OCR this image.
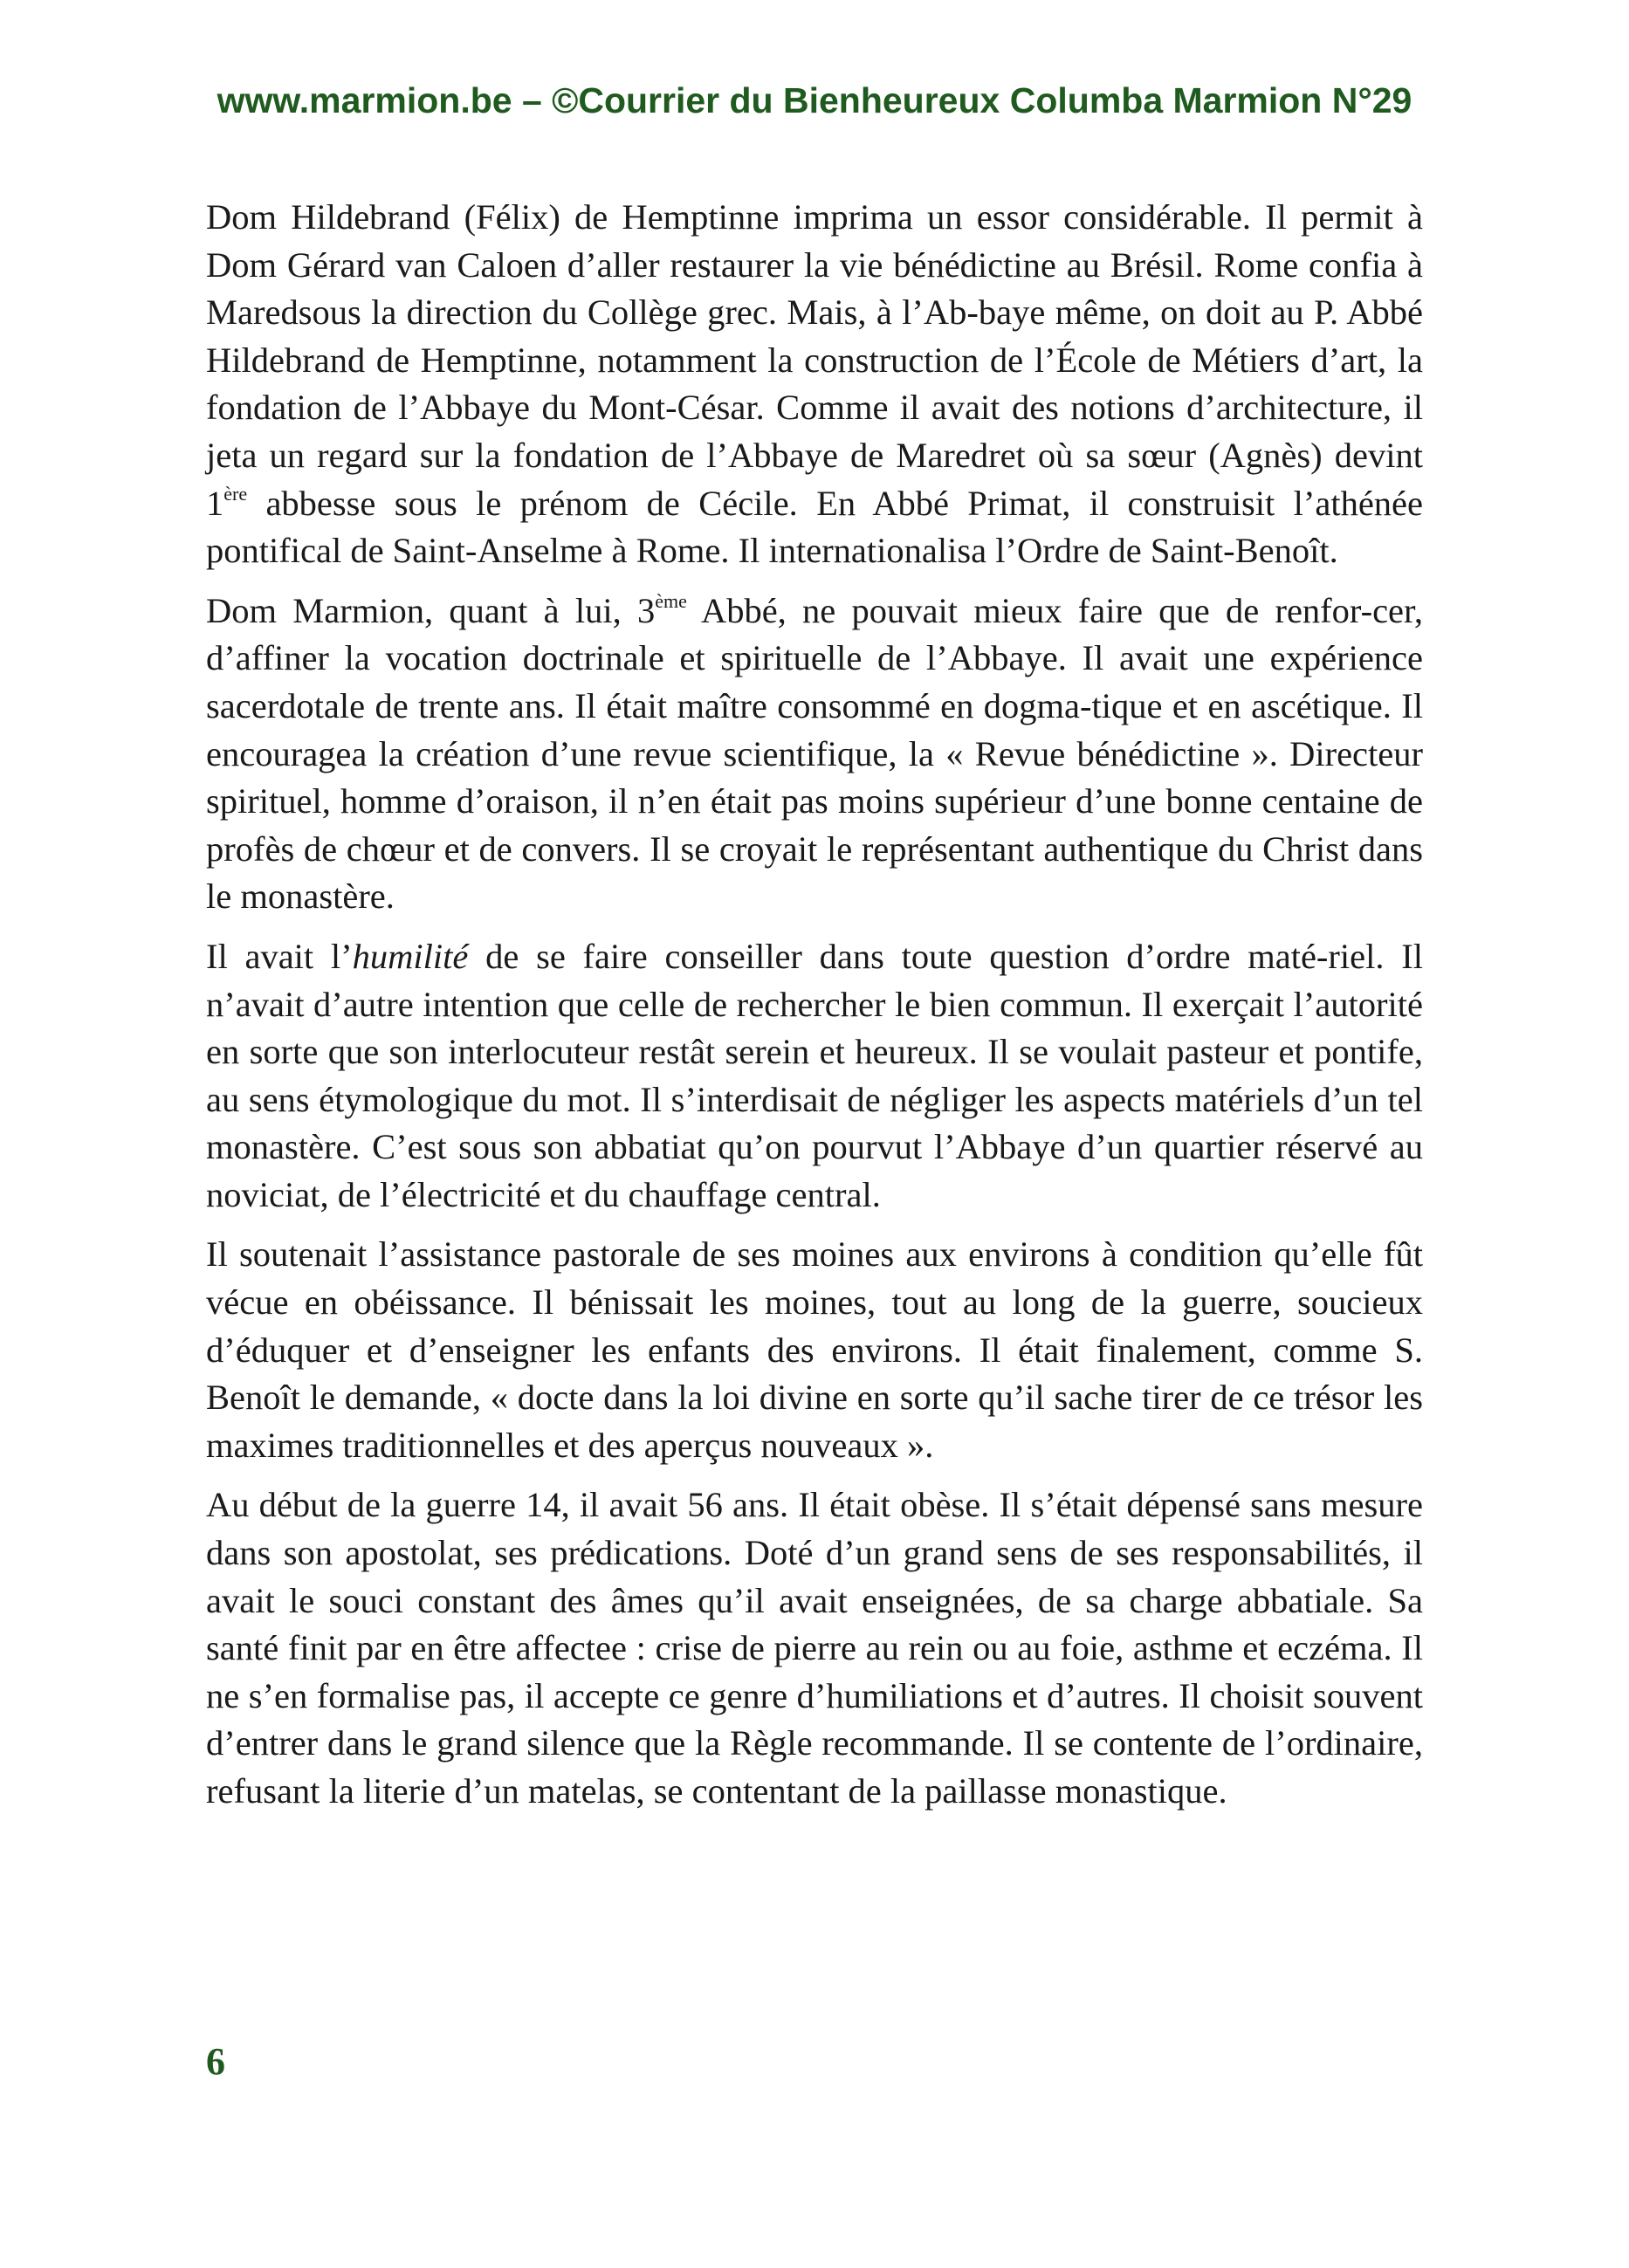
www.marmion.be – ©Courrier du Bienheureux Columba Marmion N°29

Dom Hildebrand (Félix) de Hemptinne imprima un essor considérable. Il permit à Dom Gérard van Caloen d’aller restaurer la vie bénédictine au Brésil. Rome confia à Maredsous la direction du Collège grec. Mais, à l’Ab-baye même, on doit au P. Abbé Hildebrand de Hemptinne, notamment la construction de l’École de Métiers d’art, la fondation de l’Abbaye du Mont-César. Comme il avait des notions d’architecture, il jeta un regard sur la fondation de l’Abbaye de Maredret où sa sœur (Agnès) devint 1ère abbesse sous le prénom de Cécile. En Abbé Primat, il construisit l’athénée pontifical de Saint-Anselme à Rome. Il internationalisa l’Ordre de Saint-Benoît.

Dom Marmion, quant à lui, 3ème Abbé, ne pouvait mieux faire que de renfor-cer, d’affiner la vocation doctrinale et spirituelle de l’Abbaye. Il avait une expérience sacerdotale de trente ans. Il était maître consommé en dogma-tique et en ascétique. Il encouragea la création d’une revue scientifique, la « Revue bénédictine ». Directeur spirituel, homme d’oraison, il n’en était pas moins supérieur d’une bonne centaine de profès de chœur et de convers. Il se croyait le représentant authentique du Christ dans le monastère.

Il avait l’humilité de se faire conseiller dans toute question d’ordre maté-riel. Il n’avait d’autre intention que celle de rechercher le bien commun. Il exerçait l’autorité en sorte que son interlocuteur restât serein et heureux. Il se voulait pasteur et pontife, au sens étymologique du mot. Il s’interdisait de négliger les aspects matériels d’un tel monastère. C’est sous son abbatiat qu’on pourvut l’Abbaye d’un quartier réservé au noviciat, de l’électricité et du chauffage central.

Il soutenait l’assistance pastorale de ses moines aux environs à condition qu’elle fût vécue en obéissance. Il bénissait les moines, tout au long de la guerre, soucieux d’éduquer et d’enseigner les enfants des environs. Il était finalement, comme S. Benoît le demande, « docte dans la loi divine en sorte qu’il sache tirer de ce trésor les maximes traditionnelles et des aperçus nouveaux ».

Au début de la guerre 14, il avait 56 ans. Il était obèse. Il s’était dépensé sans mesure dans son apostolat, ses prédications. Doté d’un grand sens de ses responsabilités, il avait le souci constant des âmes qu’il avait enseignées, de sa charge abbatiale. Sa santé finit par en être affectee : crise de pierre au rein ou au foie, asthme et eczéma. Il ne s’en formalise pas, il accepte ce genre d’humiliations et d’autres. Il choisit souvent d’entrer dans le grand silence que la Règle recommande. Il se contente de l’ordinaire, refusant la literie d’un matelas, se contentant de la paillasse monastique.

6
